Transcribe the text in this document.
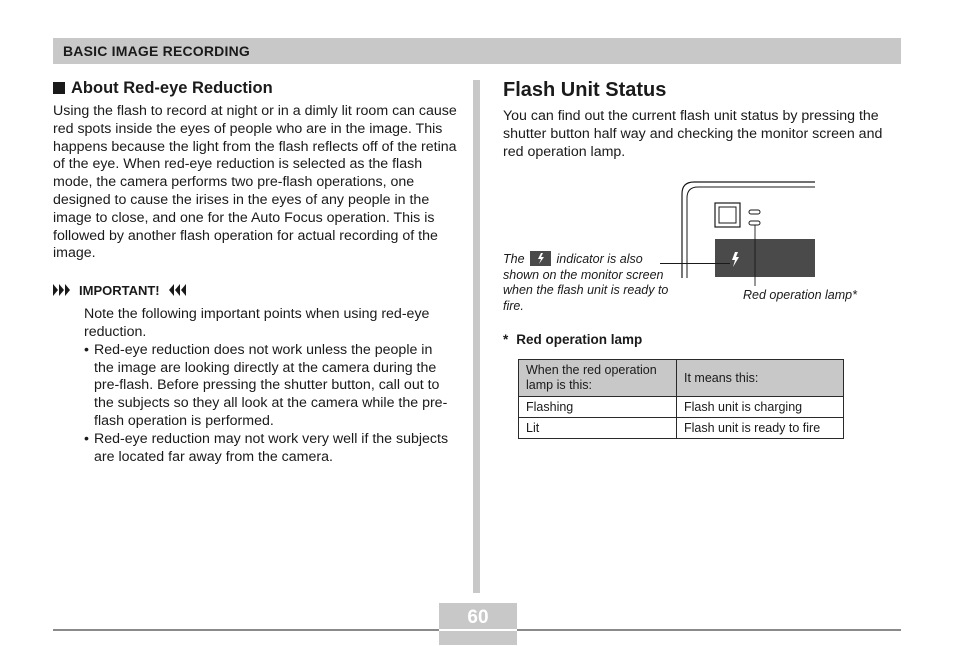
BASIC IMAGE RECORDING
About Red-eye Reduction

Using the flash to record at night or in a dimly lit room can cause red spots inside the eyes of people who are in the image. This happens because the light from the flash reflects off of the retina of the eye. When red-eye reduction is selected as the flash mode, the camera performs two pre-flash operations, one designed to cause the irises in the eyes of any people in the image to close, and one for the Auto Focus operation. This is followed by another flash operation for actual recording of the image.

IMPORTANT!

Note the following important points when using red-eye reduction.

• Red-eye reduction does not work unless the people in the image are looking directly at the camera during the pre-flash. Before pressing the shutter button, call out to the subjects so they all look at the camera while the pre-flash operation is performed.
• Red-eye reduction may not work very well if the subjects are located far away from the camera.
Flash Unit Status

You can find out the current flash unit status by pressing the shutter button half way and checking the monitor screen and red operation lamp.

The	indicator is also shown on the monitor screen when the flash unit is ready to fire.
Red operation lamp*
* Red operation lamp
When the red operation lamp is this:	It means this:
Flashing	Flash unit is charging
Lit	Flash unit is ready to fire
60
